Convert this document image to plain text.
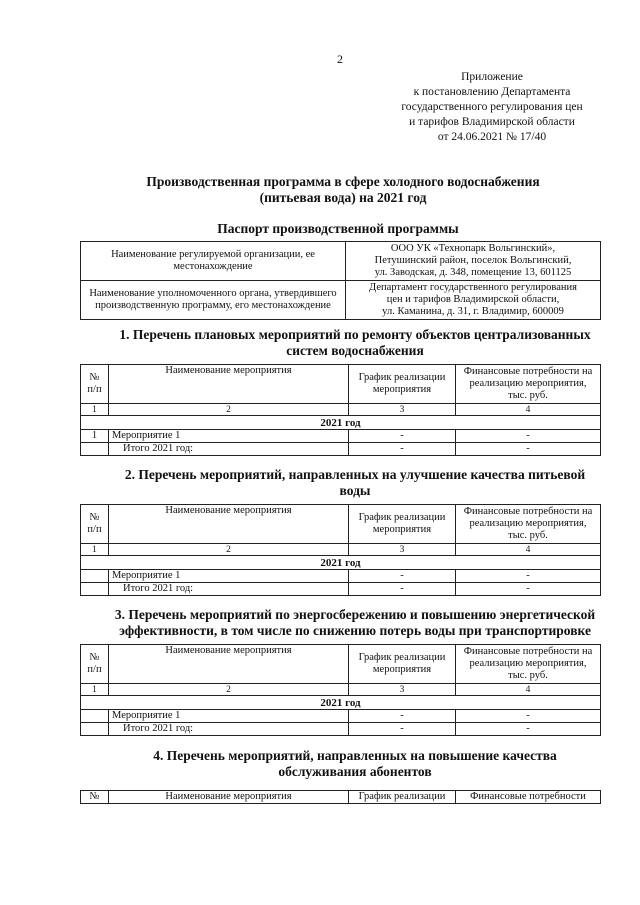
2
Приложение
к постановлению Департамента
государственного регулирования цен
и тарифов Владимирской области
от 24.06.2021 № 17/40
Производственная программа в сфере холодного водоснабжения
(питьевая вода) на 2021 год
Паспорт производственной программы
Наименование регулируемой организации, ее местонахождение	ООО УК «Технопарк Вольгинский»,
Петушинский район, поселок Вольгинский,
ул. Заводская, д. 348, помещение 13, 601125

Наименование уполномоченного органа, утвердившего производственную программу, его местонахождение	Департамент государственного регулирования
цен и тарифов Владимирской области,
ул. Каманина, д. 31, г. Владимир, 600009
1. Перечень плановых мероприятий по ремонту объектов централизованных
систем водоснабжения
№ п/п	Наименование мероприятия	График реализации мероприятия	Финансовые потребности на реализацию мероприятия, тыс. руб.
1	2	3	4
2021 год			
1	Мероприятие 1	-	-
	Итого 2021 год:	-	-
2. Перечень мероприятий, направленных на улучшение качества питьевой
воды
№ п/п	Наименование мероприятия	График реализации мероприятия	Финансовые потребности на реализацию мероприятия, тыс. руб.
1	2	3	4
2021 год			
	Мероприятие 1	-	-
	Итого 2021 год:	-	-
3. Перечень мероприятий по энергосбережению и повышению энергетической
эффективности, в том числе по снижению потерь воды при транспортировке
№ п/п	Наименование мероприятия	График реализации мероприятия	Финансовые потребности на реализацию мероприятия, тыс. руб.
1	2	3	4
2021 год			
	Мероприятие 1	-	-
	Итого 2021 год:	-	-
4. Перечень мероприятий, направленных на повышение качества
обслуживания абонентов
№	Наименование мероприятия	График реализации	Финансовые потребности
